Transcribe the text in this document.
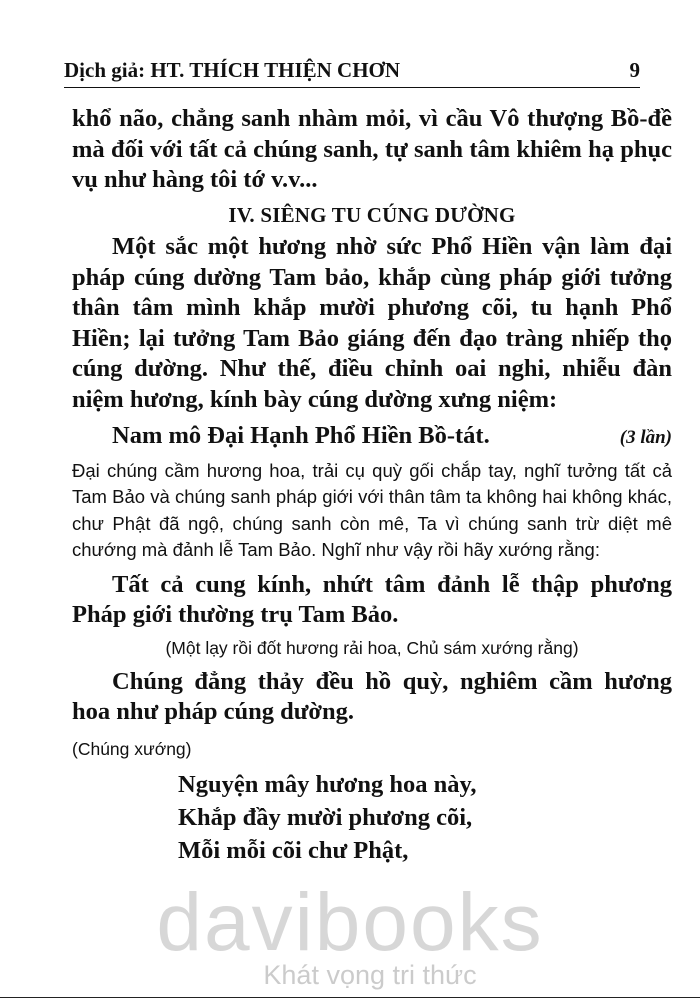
Dịch giả: HT. THÍCH THIỆN CHƠN	9

khổ não, chẳng sanh nhàm mỏi, vì cầu Vô thượng Bồ-đề mà đối với tất cả chúng sanh, tự sanh tâm khiêm hạ phục vụ như hàng tôi tớ v.v...

IV. SIÊNG TU CÚNG DƯỜNG

Một sắc một hương nhờ sức Phổ Hiền vận làm đại pháp cúng dường Tam bảo, khắp cùng pháp giới tưởng thân tâm mình khắp mười phương cõi, tu hạnh Phổ Hiền; lại tưởng Tam Bảo giáng đến đạo tràng nhiếp thọ cúng dường. Như thế, điều chỉnh oai nghi, nhiễu đàn niệm hương, kính bày cúng dường xưng niệm:

Nam mô Đại Hạnh Phổ Hiền Bồ-tát.	(3 lần)

Đại chúng cầm hương hoa, trải cụ quỳ gối chắp tay, nghĩ tưởng tất cả Tam Bảo và chúng sanh pháp giới với thân tâm ta không hai không khác, chư Phật đã ngộ, chúng sanh còn mê, Ta vì chúng sanh trừ diệt mê chướng mà đảnh lễ Tam Bảo. Nghĩ như vậy rồi hãy xướng rằng:

Tất cả cung kính, nhứt tâm đảnh lễ thập phương Pháp giới thường trụ Tam Bảo.

(Một lạy rồi đốt hương rải hoa, Chủ sám xướng rằng)

Chúng đẳng thảy đều hồ quỳ, nghiêm cầm hương hoa như pháp cúng dường.

(Chúng xướng)
Nguyện mây hương hoa này,
Khắp đầy mười phương cõi,
Mỗi mỗi cõi chư Phật,
davibooks
Khát vọng tri thức
